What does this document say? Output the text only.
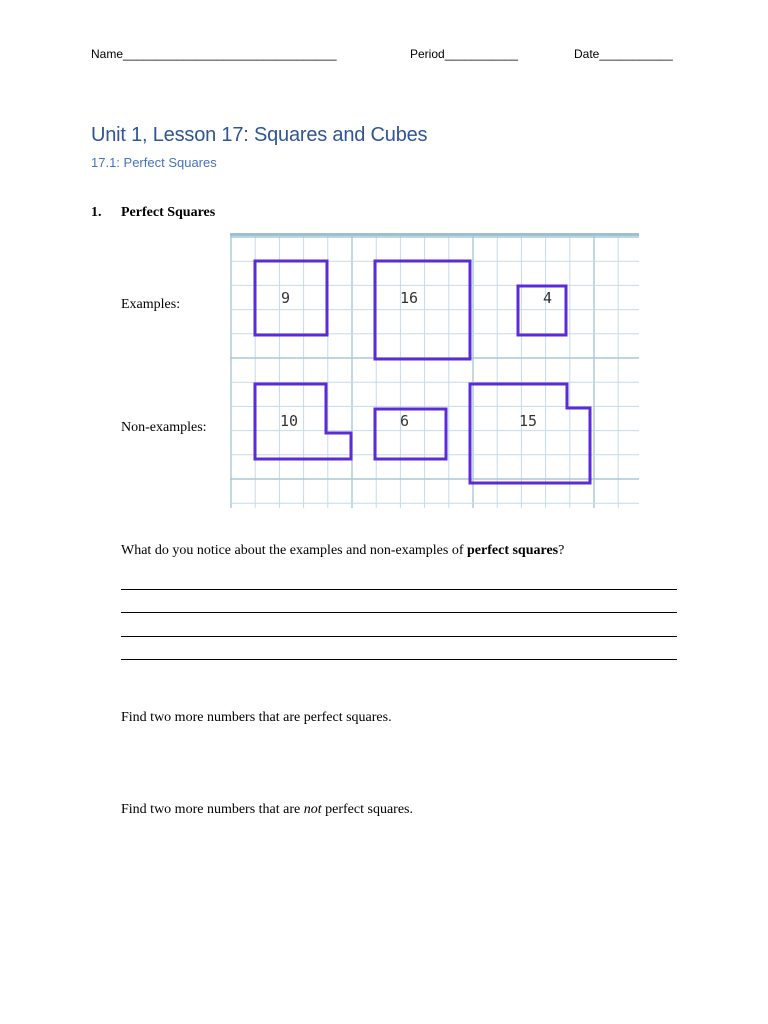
Name________________________________	Period___________	Date___________
Unit 1, Lesson 17: Squares and Cubes
17.1: Perfect Squares
1. Perfect Squares
Examples:
Non-examples:
9	16	4
10	6	15
What do you notice about the examples and non-examples of perfect squares?
Find two more numbers that are perfect squares.
Find two more numbers that are not perfect squares.
